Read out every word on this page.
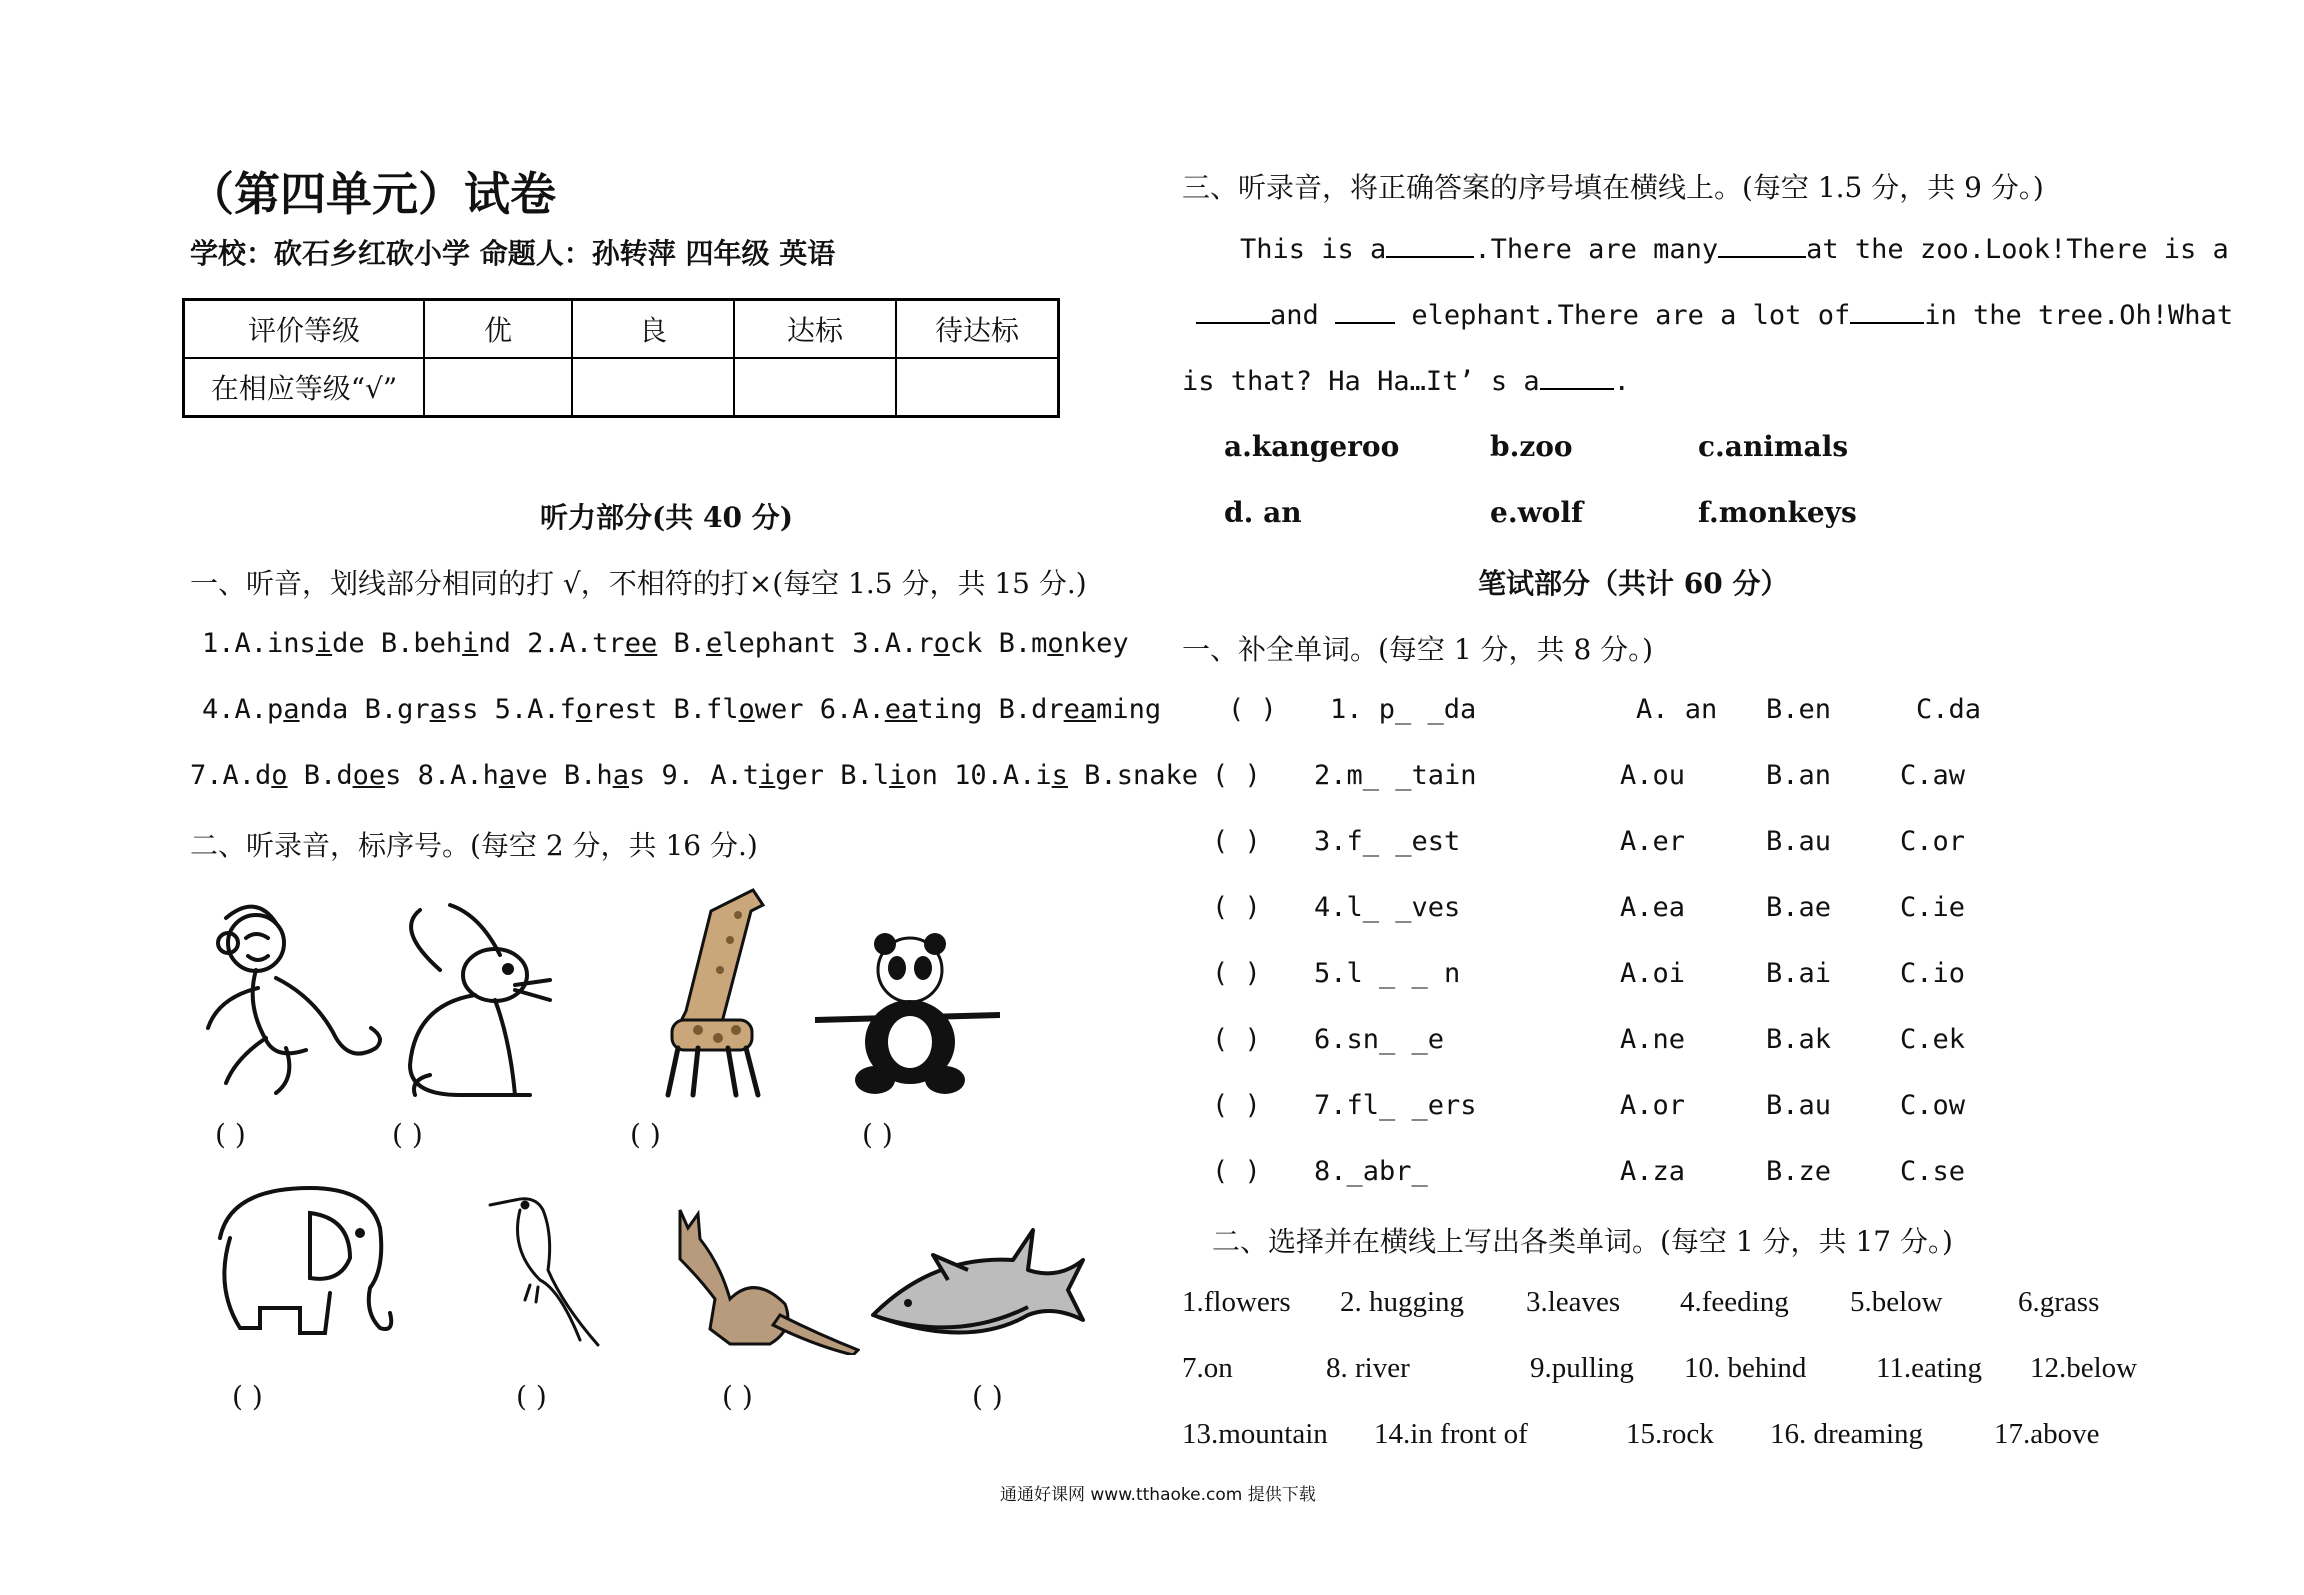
（第四单元）试卷
学校：砍石乡红砍小学 命题人：孙转萍 四年级 英语
评价等级	优	良	达标	待达标
在相应等级“√”				
听力部分(共 40 分)
一、听音，划线部分相同的打 √，不相符的打×(每空 1.5 分，共 15 分.)
1.A.inside B.behind 2.A.tree B.elephant 3.A.rock B.monkey
4.A.panda B.grass 5.A.forest B.flower 6.A.eating B.dreaming
7.A.do B.does 8.A.have B.has 9. A.tiger B.lion 10.A.is B.snake
二、听录音，标序号。(每空 2 分，共 16 分.)
( )	( )	( )	( )
( )	( )	( )	( )
三、听录音，将正确答案的序号填在横线上。(每空 1.5 分，共 9 分。)
This is a	.There are many	at the zoo.Look!There is a
and	elephant.There are a lot of	in the tree.Oh!What
is that? Ha Ha…It’ s a	.
a.kangeroo	b.zoo	c.animals
d. an	e.wolf	f.monkeys
笔试部分（共计 60 分）
一、补全单词。(每空 1 分，共 8 分。)
( ) 1. p_ _da	A. an B.en	C.da
( ) 2.m_ _tain	A.ou	B.an	C.aw
( ) 3.f_ _est	A.er	B.au	C.or
( ) 4.l_ _ves	A.ea	B.ae	C.ie
( ) 5.l _ _ n	A.oi	B.ai	C.io
( ) 6.sn_ _e	A.ne	B.ak	C.ek
( ) 7.fl_ _ers	A.or	B.au	C.ow
( ) 8._abr_	A.za	B.ze	C.se
二、选择并在横线上写出各类单词。(每空 1 分，共 17 分。)
1.flowers 2. hugging 3.leaves 4.feeding 5.below	6.grass
7.on	8. river	9.pulling 10. behind 11.eating 12.below
13.mountain 14.in front of	15.rock 16. dreaming 17.above
通通好课网 www.tthaoke.com 提供下载
